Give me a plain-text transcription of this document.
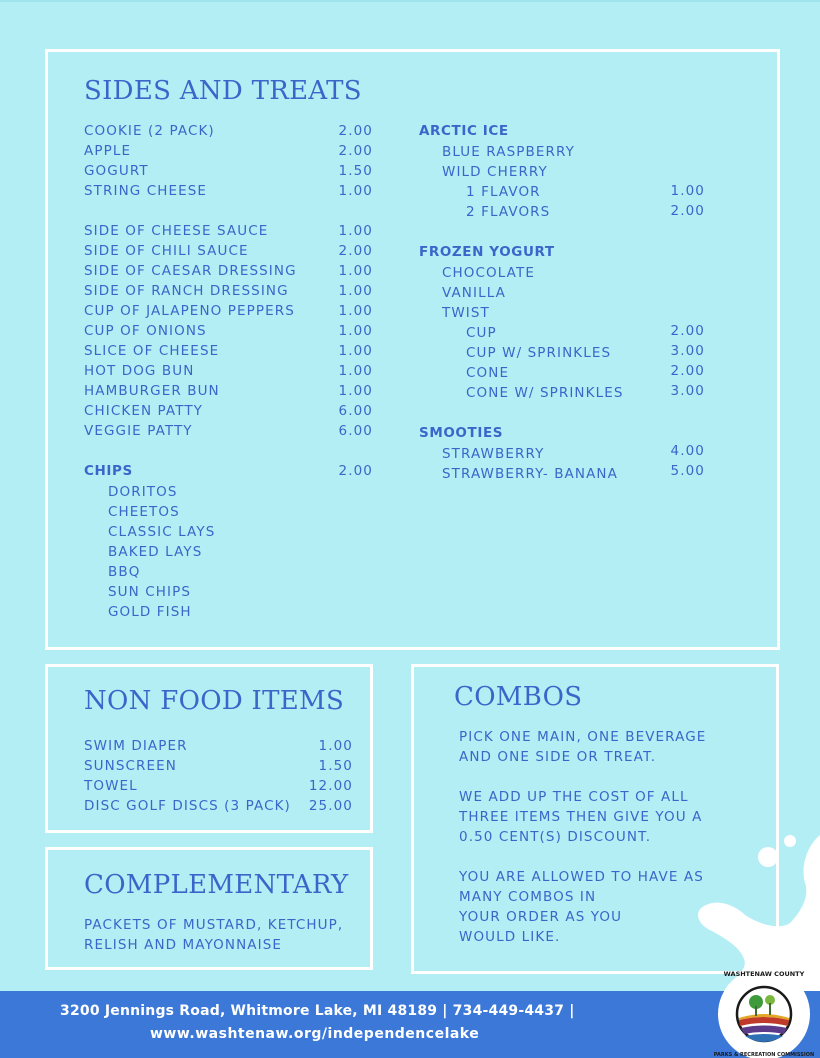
SIDES AND TREATS
COOKIE (2 PACK)	2.00
APPLE	2.00
GOGURT	1.50
STRING CHEESE	1.00
SIDE OF CHEESE SAUCE	1.00
SIDE OF CHILI SAUCE	2.00
SIDE OF CAESAR DRESSING	1.00
SIDE OF RANCH DRESSING	1.00
CUP OF JALAPENO PEPPERS	1.00
CUP OF ONIONS	1.00
SLICE OF CHEESE	1.00
HOT DOG BUN	1.00
HAMBURGER BUN	1.00
CHICKEN PATTY	6.00
VEGGIE PATTY	6.00
CHIPS	2.00
DORITOS
CHEETOS
CLASSIC LAYS
BAKED LAYS
BBQ
SUN CHIPS
GOLD FISH
ARCTIC ICE
BLUE RASPBERRY
WILD CHERRY
1 FLAVOR	1.00
2 FLAVORS	2.00
FROZEN YOGURT
CHOCOLATE
VANILLA
TWIST
CUP	2.00
CUP W/ SPRINKLES	3.00
CONE	2.00
CONE W/ SPRINKLES	3.00
SMOOTIES
STRAWBERRY	4.00
STRAWBERRY- BANANA	5.00
NON FOOD ITEMS
SWIM DIAPER	1.00
SUNSCREEN	1.50
TOWEL	12.00
DISC GOLF DISCS (3 PACK)	25.00
COMPLEMENTARY
PACKETS OF MUSTARD, KETCHUP,
RELISH AND MAYONNAISE
COMBOS
PICK ONE MAIN, ONE BEVERAGE
AND ONE SIDE OR TREAT.
WE ADD UP THE COST OF ALL
THREE ITEMS THEN GIVE YOU A
0.50 CENT(S) DISCOUNT.
YOU ARE ALLOWED TO HAVE AS
MANY COMBOS IN
YOUR ORDER AS YOU
WOULD LIKE.
3200 Jennings Road, Whitmore Lake, MI 48189 | 734-449-4437 |
www.washtenaw.org/independencelake
WASHTENAW COUNTY
PARKS & RECREATION COMMISSION
